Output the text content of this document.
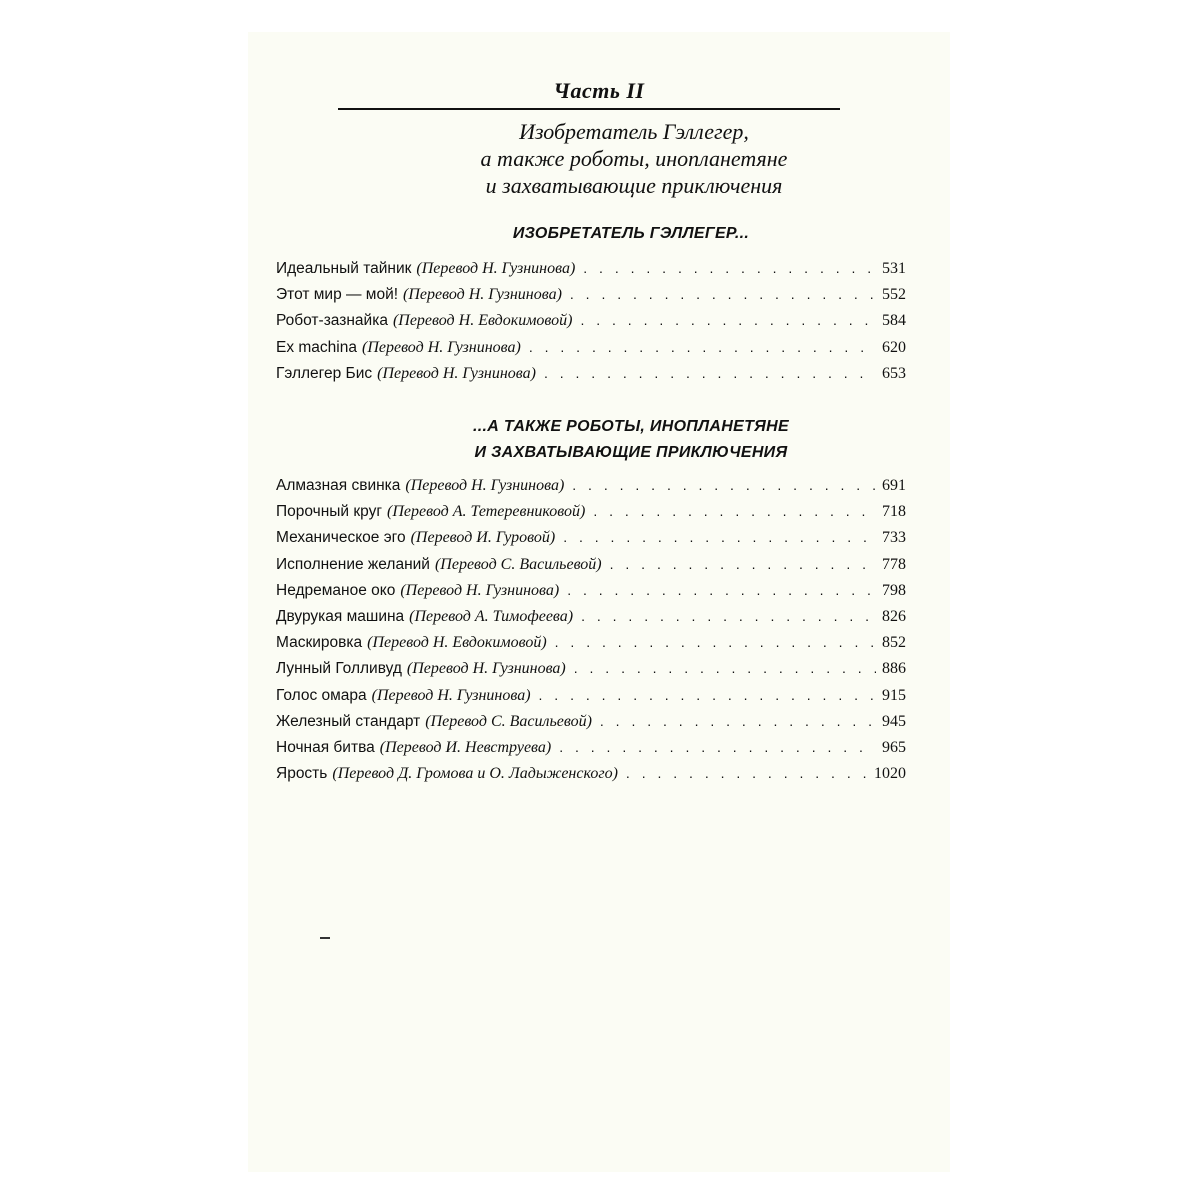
Часть II
Изобретатель Гэллегер,
а также роботы, инопланетяне
и захватывающие приключения
ИЗОБРЕТАТЕЛЬ ГЭЛЛЕГЕР...
Идеальный тайник (Перевод Н. Гузнинова) . . .	531
Этот мир — мой! (Перевод Н. Гузнинова) . . .	552
Робот-зазнайка (Перевод Н. Евдокимовой) . . .	584
Ex machina (Перевод Н. Гузнинова) . . .	620
Гэллегер Бис (Перевод Н. Гузнинова) . . .	653
...А ТАКЖЕ РОБОТЫ, ИНОПЛАНЕТЯНЕ
И ЗАХВАТЫВАЮЩИЕ ПРИКЛЮЧЕНИЯ
Алмазная свинка (Перевод Н. Гузнинова) . . .	691
Порочный круг (Перевод А. Тетеревниковой) . . .	718
Механическое эго (Перевод И. Гуровой) . . .	733
Исполнение желаний (Перевод С. Васильевой) . . .	778
Недреманое око (Перевод Н. Гузнинова) . . .	798
Двурукая машина (Перевод А. Тимофеева) . . .	826
Маскировка (Перевод Н. Евдокимовой) . . .	852
Лунный Голливуд (Перевод Н. Гузнинова) . . .	886
Голос омара (Перевод Н. Гузнинова) . . .	915
Железный стандарт (Перевод С. Васильевой) . . .	945
Ночная битва (Перевод И. Невструева) . . .	965
Ярость (Перевод Д. Громова и О. Ладыженского) . . .	1020
